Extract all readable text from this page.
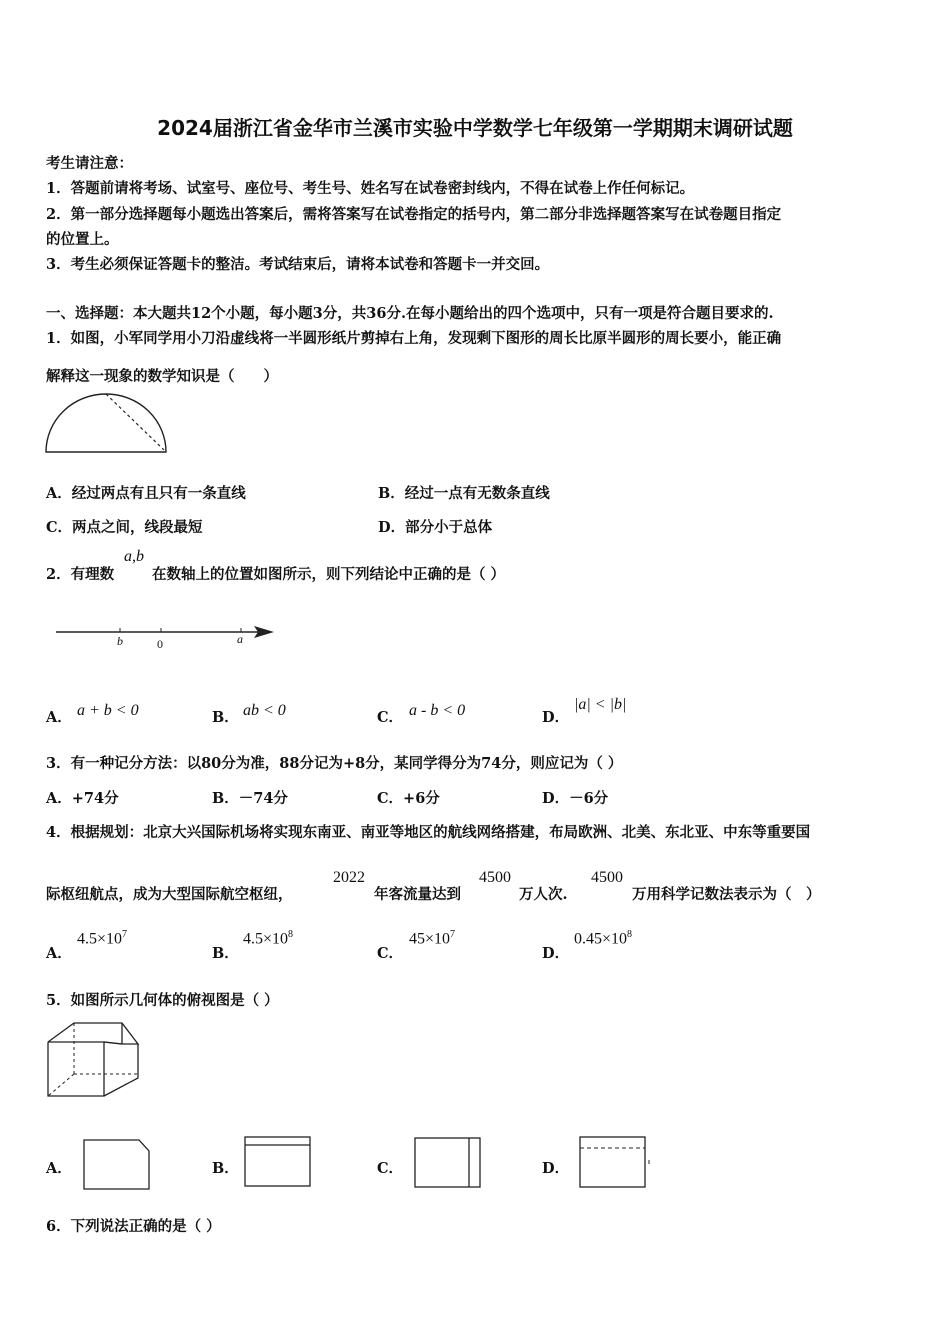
2024届浙江省金华市兰溪市实验中学数学七年级第一学期期末调研试题
考生请注意：
1．答题前请将考场、试室号、座位号、考生号、姓名写在试卷密封线内，不得在试卷上作任何标记。
2．第一部分选择题每小题选出答案后，需将答案写在试卷指定的括号内，第二部分非选择题答案写在试卷题目指定
的位置上。
3．考生必须保证答题卡的整洁。考试结束后，请将本试卷和答题卡一并交回。
一、选择题：本大题共12个小题，每小题3分，共36分.在每小题给出的四个选项中，只有一项是符合题目要求的.
1．如图，小军同学用小刀沿虚线将一半圆形纸片剪掉右上角，发现剩下图形的周长比原半圆形的周长要小，能正确
解释这一现象的数学知识是（　　）
A．经过两点有且只有一条直线	B．经过一点有无数条直线
C．两点之间，线段最短	D．部分小于总体
2．有理数
a,b
在数轴上的位置如图所示，则下列结论中正确的是（ ）
b	0	a
A． a + b < 0	B． ab < 0	C． a - b < 0	D．
|a| < |b|
3．有一种记分方法：以80分为准，88分记为+8分，某同学得分为74分，则应记为（ ）
A．+74分	B．－74分	C．+6分	D．－6分
4．根据规划：北京大兴国际机场将实现东南亚、南亚等地区的航线网络搭建，布局欧洲、北美、东北亚、中东等重要国
际枢纽航点，成为大型国际航空枢纽，
2022
年客流量达到
4500
万人次.
4500
万用科学记数法表示为（　）
A．
$4.5\times 10^7$
B．
$4.5\times 10^8$
C．
$45\times 10^7$
D．
$0.45\times 10^8$
5．如图所示几何体的俯视图是（ ）
A．	B．	C．	D．
6．下列说法正确的是（ ）
